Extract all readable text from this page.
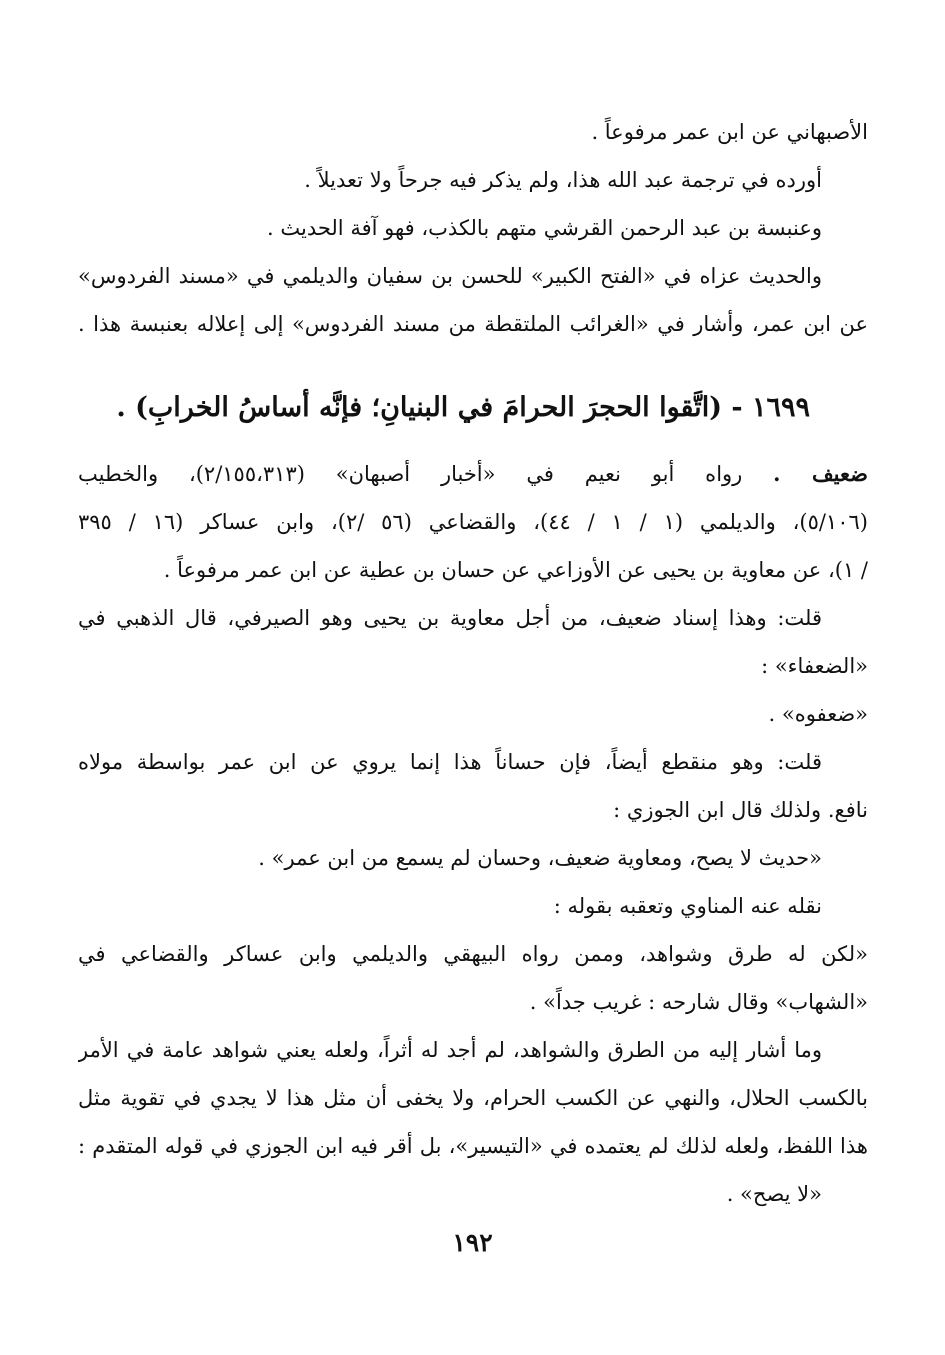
الأصبهاني عن ابن عمر مرفوعاً .
أورده في ترجمة عبد الله هذا، ولم يذكر فيه جرحاً ولا تعديلاً .
وعنبسة بن عبد الرحمن القرشي متهم بالكذب، فهو آفة الحديث .
والحديث عزاه في «الفتح الكبير» للحسن بن سفيان والديلمي في «مسند الفردوس»
عن ابن عمر، وأشار في «الغرائب الملتقطة من مسند الفردوس» إلى إعلاله بعنبسة هذا .
١٦٩٩ - (اتَّقوا الحجرَ الحرامَ في البنيانِ؛ فإنَّه أساسُ الخرابِ) .
ضعيف . رواه أبو نعيم في «أخبار أصبهان» (٢/١٥٥،٣١٣)، والخطيب
(٥/١٠٦)، والديلمي (١ / ١ / ٤٤)، والقضاعي (٥٦ /٢)، وابن عساكر (١٦ / ٣٩٥
/ ١)، عن معاوية بن يحيى عن الأوزاعي عن حسان بن عطية عن ابن عمر مرفوعاً .
قلت: وهذا إسناد ضعيف، من أجل معاوية بن يحيى وهو الصيرفي، قال الذهبي في
«الضعفاء» :
«ضعفوه» .
قلت: وهو منقطع أيضاً، فإن حساناً هذا إنما يروي عن ابن عمر بواسطة مولاه
نافع. ولذلك قال ابن الجوزي :
«حديث لا يصح، ومعاوية ضعيف، وحسان لم يسمع من ابن عمر» .
نقله عنه المناوي وتعقبه بقوله :
«لكن له طرق وشواهد، وممن رواه البيهقي والديلمي وابن عساكر والقضاعي في
«الشهاب» وقال شارحه : غريب جداً» .
وما أشار إليه من الطرق والشواهد، لم أجد له أثراً، ولعله يعني شواهد عامة في الأمر
بالكسب الحلال، والنهي عن الكسب الحرام، ولا يخفى أن مثل هذا لا يجدي في تقوية مثل
هذا اللفظ، ولعله لذلك لم يعتمده في «التيسير»، بل أقر فيه ابن الجوزي في قوله المتقدم :
«لا يصح» .
١٩٢
